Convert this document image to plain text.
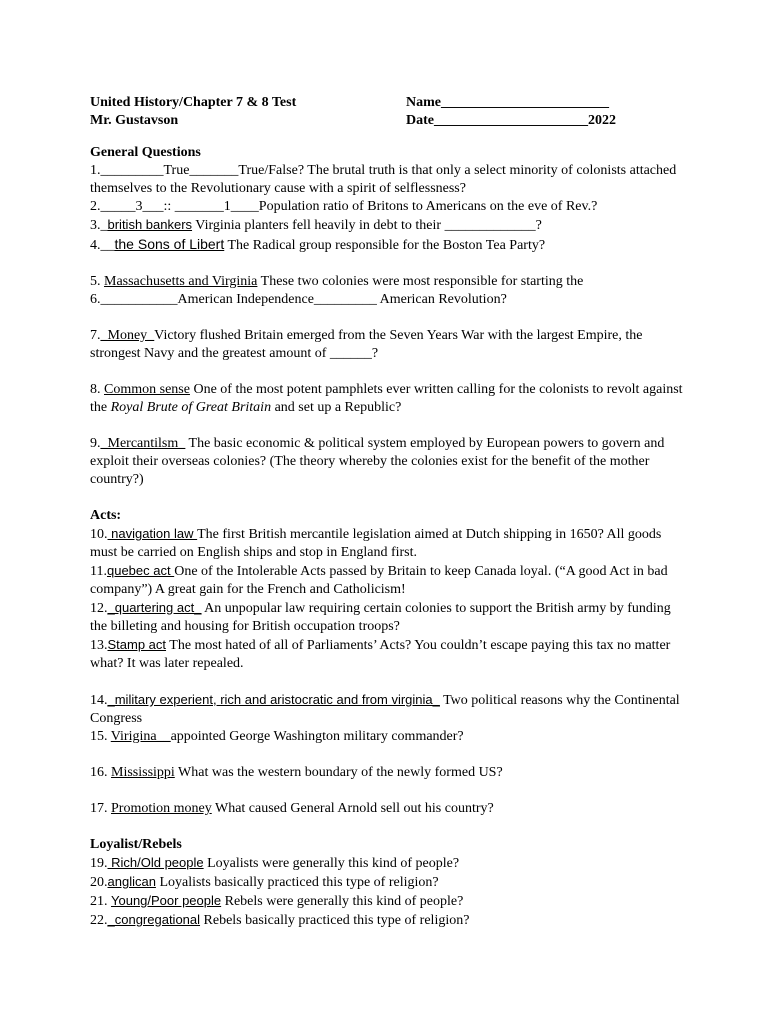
United History/Chapter 7 & 8 Test	Name________________________
Mr. Gustavson	Date______________________2022

General Questions

1._________True_______True/False? The brutal truth is that only a select minority of colonists attached themselves to the Revolutionary cause with a spirit of selflessness?

2._____3___:: _______1____Population ratio of Britons to Americans on the eve of Rev.?

3._british bankers Virginia planters fell heavily in debt to their _____________?

4.__the Sons of Libert The Radical group responsible for the Boston Tea Party?

5. Massachusetts and Virginia These two colonies were most responsible for starting the

6.___________American Independence_________ American Revolution?

7._Money_Victory flushed Britain emerged from the Seven Years War with the largest Empire, the strongest Navy and the greatest amount of ______?

8. Common sense One of the most potent pamphlets ever written calling for the colonists to revolt against the Royal Brute of Great Britain and set up a Republic?

9._Mercantilsm_ The basic economic & political system employed by European powers to govern and exploit their overseas colonies? (The theory whereby the colonies exist for the benefit of the mother country?)

Acts:

10. navigation law The first British mercantile legislation aimed at Dutch shipping in 1650? All goods must be carried on English ships and stop in England first.

11.quebec act One of the Intolerable Acts passed by Britain to keep Canada loyal. (“A good Act in bad company”) A great gain for the French and Catholicism!

12._quartering act_ An unpopular law requiring certain colonies to support the British army by funding the billeting and housing for British occupation troops?

13.Stamp act The most hated of all of Parliaments’ Acts? You couldn’t escape paying this tax no matter what? It was later repealed.

14._military experient, rich and aristocratic and from virginia_ Two political reasons why the Continental Congress

15. Virigina__appointed George Washington military commander?

16. Mississippi What was the western boundary of the newly formed US?

17. Promotion money What caused General Arnold sell out his country?

Loyalist/Rebels

19. Rich/Old people Loyalists were generally this kind of people?

20.anglican Loyalists basically practiced this type of religion?

21. Young/Poor people Rebels were generally this kind of people?

22._congregational Rebels basically practiced this type of religion?
